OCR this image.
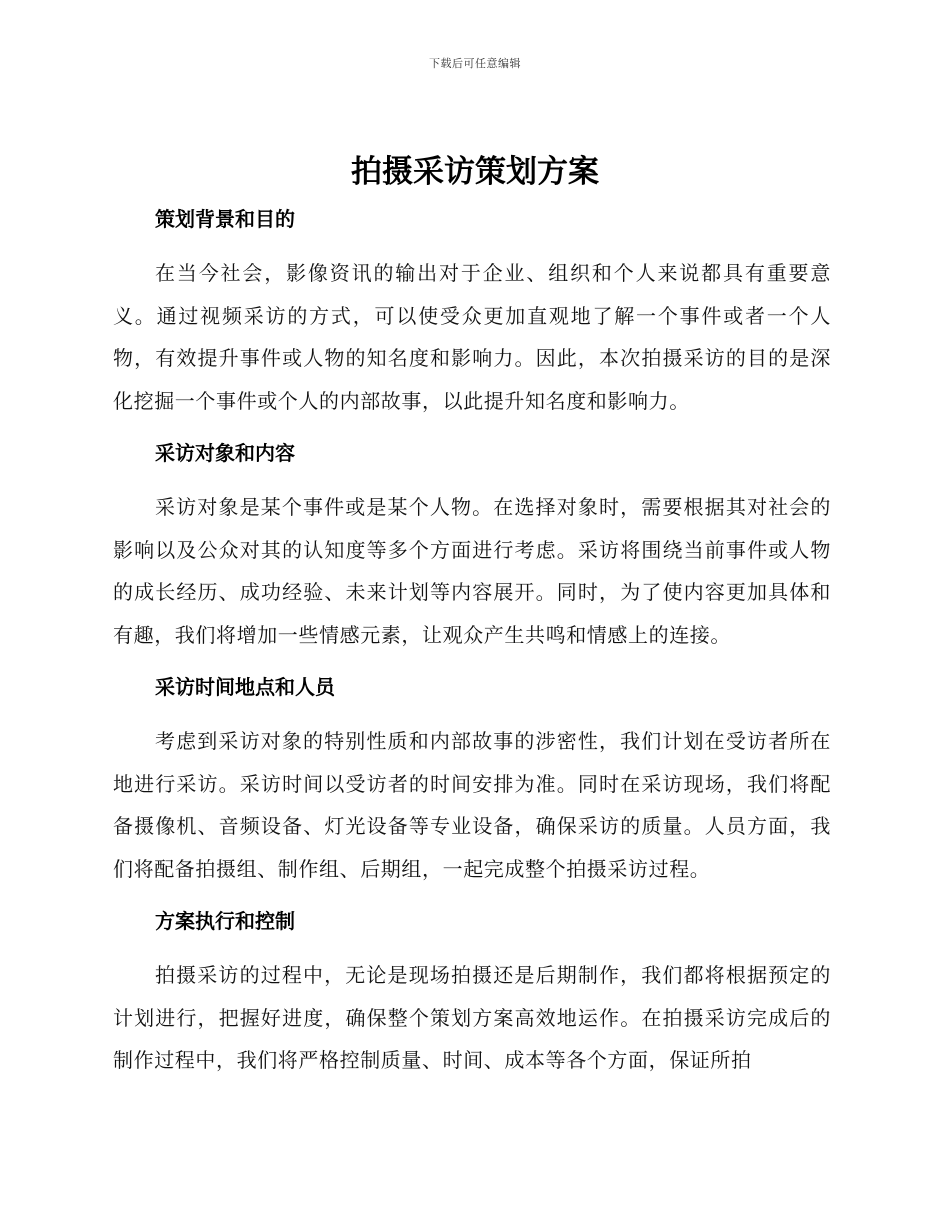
下载后可任意编辑
拍摄采访策划方案
策划背景和目的

在当今社会，影像资讯的输出对于企业、组织和个人来说都具有重要意义。通过视频采访的方式，可以使受众更加直观地了解一个事件或者一个人物，有效提升事件或人物的知名度和影响力。因此，本次拍摄采访的目的是深化挖掘一个事件或个人的内部故事，以此提升知名度和影响力。

采访对象和内容

采访对象是某个事件或是某个人物。在选择对象时，需要根据其对社会的影响以及公众对其的认知度等多个方面进行考虑。采访将围绕当前事件或人物的成长经历、成功经验、未来计划等内容展开。同时，为了使内容更加具体和有趣，我们将增加一些情感元素，让观众产生共鸣和情感上的连接。

采访时间地点和人员

考虑到采访对象的特别性质和内部故事的涉密性，我们计划在受访者所在地进行采访。采访时间以受访者的时间安排为准。同时在采访现场，我们将配备摄像机、音频设备、灯光设备等专业设备，确保采访的质量。人员方面，我们将配备拍摄组、制作组、后期组，一起完成整个拍摄采访过程。

方案执行和控制

拍摄采访的过程中，无论是现场拍摄还是后期制作，我们都将根据预定的计划进行，把握好进度，确保整个策划方案高效地运作。在拍摄采访完成后的制作过程中，我们将严格控制质量、时间、成本等各个方面，保证所拍
